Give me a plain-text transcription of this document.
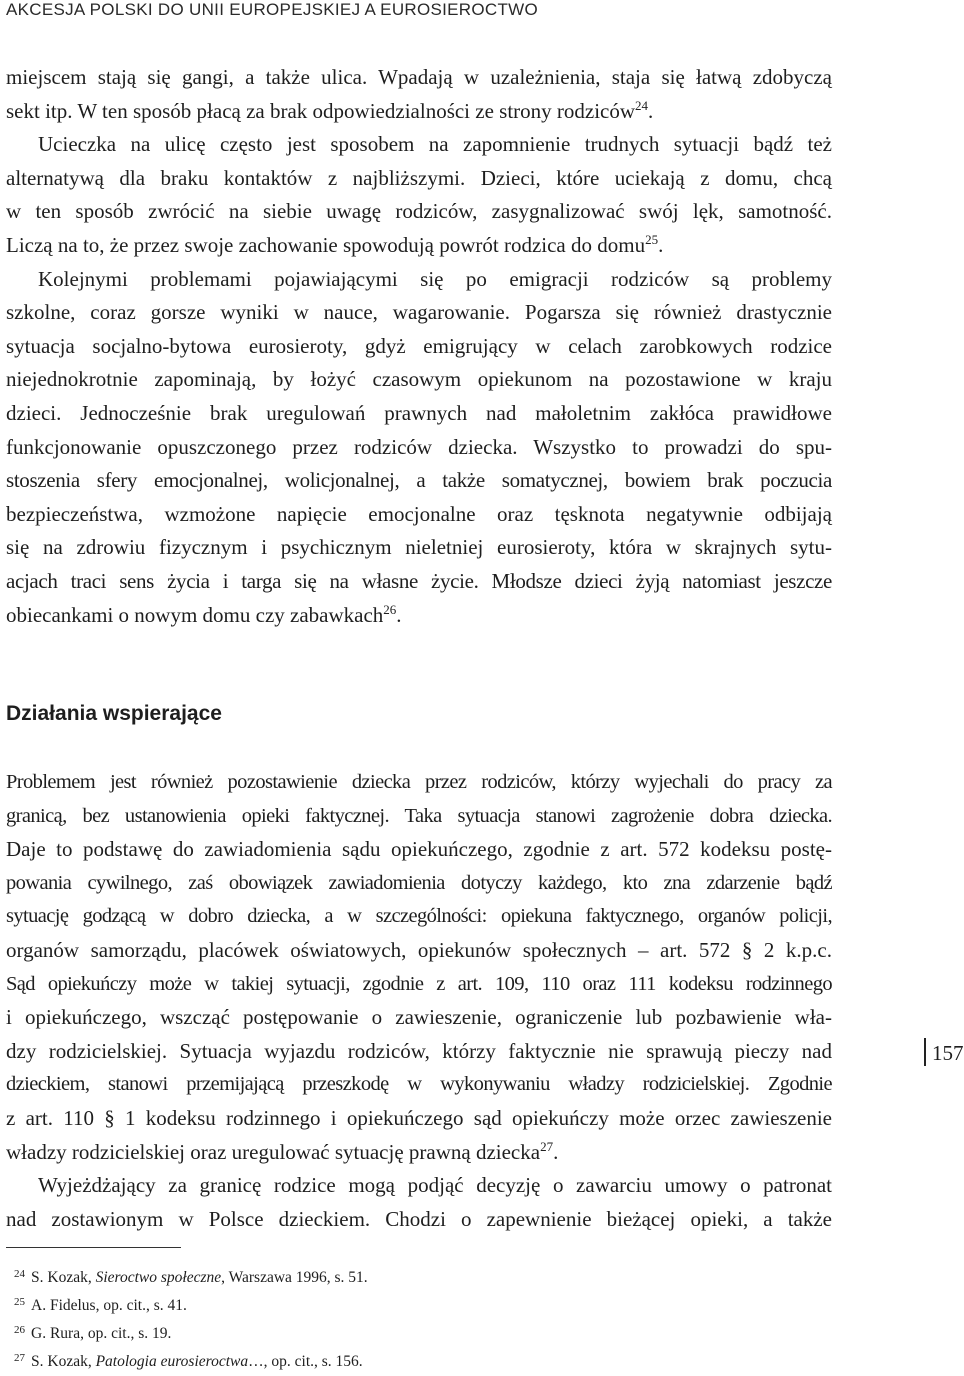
AKCESJA POLSKI DO UNII EUROPEJSKIEJ A EUROSIEROCTWO
miejscem stają się gangi, a także ulica. Wpadają w uzależnienia, staja się łatwą zdobyczą
sekt itp. W ten sposób płacą za brak odpowiedzialności ze strony rodziców$^{24}$.
Ucieczka na ulicę często jest sposobem na zapomnienie trudnych sytuacji bądź też
alternatywą dla braku kontaktów z najbliższymi. Dzieci, które uciekają z domu, chcą
w ten sposób zwrócić na siebie uwagę rodziców, zasygnalizować swój lęk, samotność.
Liczą na to, że przez swoje zachowanie spowodują powrót rodzica do domu$^{25}$.
Kolejnymi problemami pojawiającymi się po emigracji rodziców są problemy
szkolne, coraz gorsze wyniki w nauce, wagarowanie. Pogarsza się również drastycznie
sytuacja socjalno-bytowa eurosieroty, gdyż emigrujący w celach zarobkowych rodzice
niejednokrotnie zapominają, by łożyć czasowym opiekunom na pozostawione w kraju
dzieci. Jednocześnie brak uregulowań prawnych nad małoletnim zakłóca prawidłowe
funkcjonowanie opuszczonego przez rodziców dziecka. Wszystko to prowadzi do spu-
stoszenia sfery emocjonalnej, wolicjonalnej, a także somatycznej, bowiem brak poczucia
bezpieczeństwa, wzmożone napięcie emocjonalne oraz tęsknota negatywnie odbijają
się na zdrowiu fizycznym i psychicznym nieletniej eurosieroty, która w skrajnych sytu-
acjach traci sens życia i targa się na własne życie. Młodsze dzieci żyją natomiast jeszcze
obiecankami o nowym domu czy zabawkach$^{26}$.
Działania wspierające
Problemem jest również pozostawienie dziecka przez rodziców, którzy wyjechali do pracy za
granicą, bez ustanowienia opieki faktycznej. Taka sytuacja stanowi zagrożenie dobra dziecka.
Daje to podstawę do zawiadomienia sądu opiekuńczego, zgodnie z art. 572 kodeksu postę-
powania cywilnego, zaś obowiązek zawiadomienia dotyczy każdego, kto zna zdarzenie bądź
sytuację godzącą w dobro dziecka, a w szczególności: opiekuna faktycznego, organów policji,
organów samorządu, placówek oświatowych, opiekunów społecznych – art. 572 § 2 k.p.c.
Sąd opiekuńczy może w takiej sytuacji, zgodnie z art. 109, 110 oraz 111 kodeksu rodzinnego
i opiekuńczego, wszcząć postępowanie o zawieszenie, ograniczenie lub pozbawienie wła-
dzy rodzicielskiej. Sytuacja wyjazdu rodziców, którzy faktycznie nie sprawują pieczy nad
dzieckiem, stanowi przemijającą przeszkodę w wykonywaniu władzy rodzicielskiej. Zgodnie
z art. 110 § 1 kodeksu rodzinnego i opiekuńczego sąd opiekuńczy może orzec zawieszenie
władzy rodzicielskiej oraz uregulować sytuację prawną dziecka$^{27}$.
Wyjeżdżający za granicę rodzice mogą podjąć decyzję o zawarciu umowy o patronat
nad zostawionym w Polsce dzieckiem. Chodzi o zapewnienie bieżącej opieki, a także
157
$^{24}$ S. Kozak, Sieroctwo społeczne, Warszawa 1996, s. 51.
$^{25}$ A. Fidelus, op. cit., s. 41.
$^{26}$ G. Rura, op. cit., s. 19.
$^{27}$ S. Kozak, Patologia eurosieroctwa…, op. cit., s. 156.
